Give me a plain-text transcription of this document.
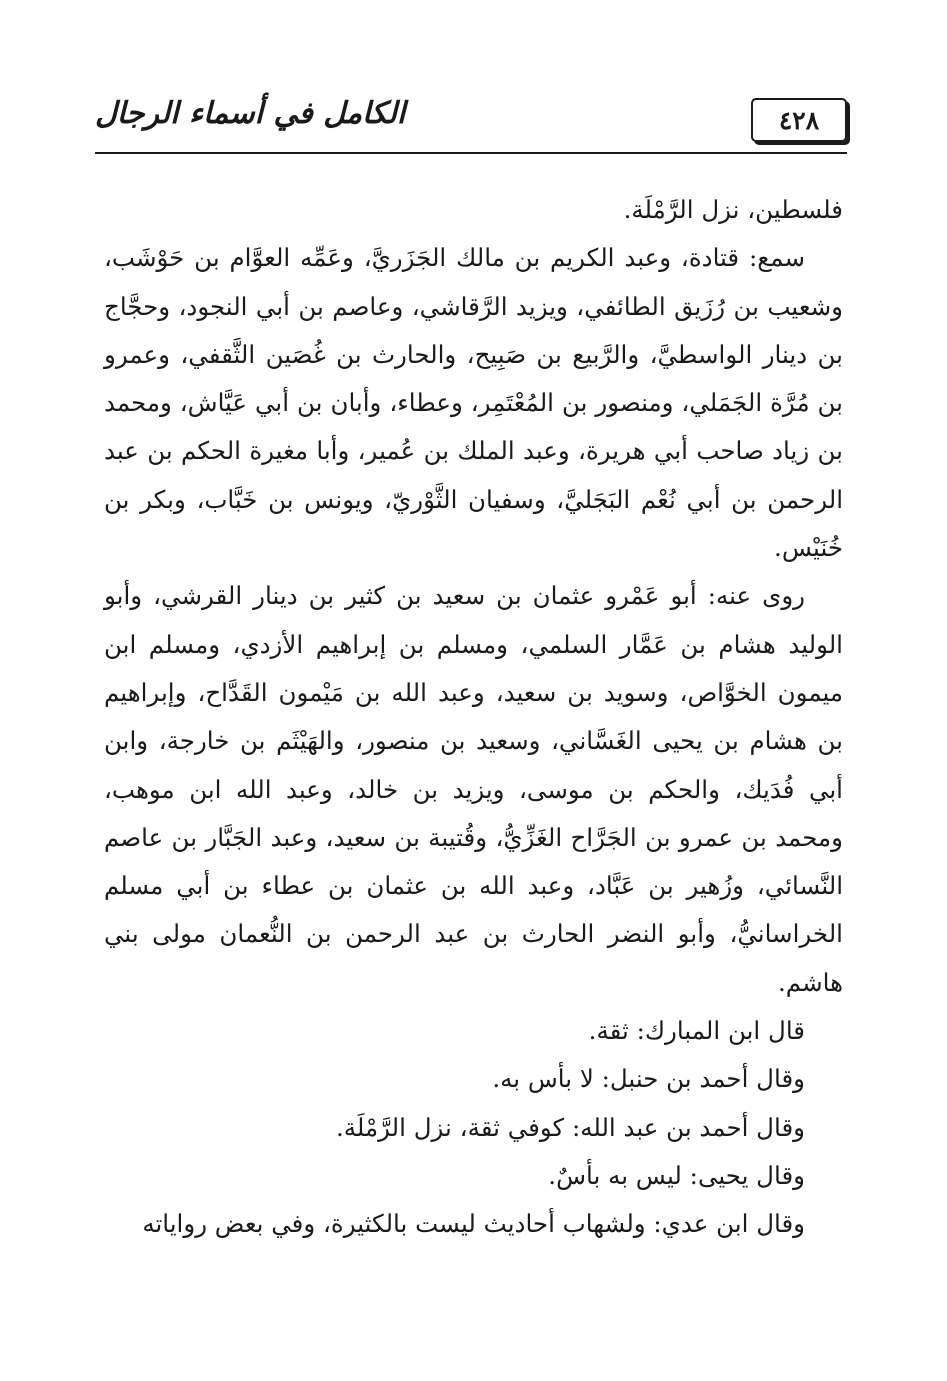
٤٢٨
الكامل في أسماء الرجال

فلسطين، نزل الرَّمْلَة.

سمع: قتادة، وعبد الكريم بن مالك الجَزَريَّ، وعَمِّه العوَّام بن حَوْشَب، وشعيب بن رُزَيق الطائفي، ويزيد الرَّقاشي، وعاصم بن أبي النجود، وحجَّاج بن دينار الواسطيَّ، والرَّبيع بن صَبِيح، والحارث بن غُصَين الثَّقفي، وعمرو بن مُرَّة الجَمَلي، ومنصور بن المُعْتَمِر، وعطاء، وأبان بن أبي عَيَّاش، ومحمد بن زياد صاحب أبي هريرة، وعبد الملك بن عُمير، وأبا مغيرة الحكم بن عبد الرحمن بن أبي نُعْم البَجَليَّ، وسفيان الثَّوْريّ، ويونس بن خَبَّاب، وبكر بن خُنَيْس.

روى عنه: أبو عَمْرو عثمان بن سعيد بن كثير بن دينار القرشي، وأبو الوليد هشام بن عَمَّار السلمي، ومسلم بن إبراهيم الأزدي، ومسلم ابن ميمون الخوَّاص، وسويد بن سعيد، وعبد الله بن مَيْمون القَدَّاح، وإبراهيم بن هشام بن يحيى الغَسَّاني، وسعيد بن منصور، والهَيْثَم بن خارجة، وابن أبي فُدَيك، والحكم بن موسى، ويزيد بن خالد، وعبد الله ابن موهب، ومحمد بن عمرو بن الجَرَّاح الغَزِّيُّ، وقُتيبة بن سعيد، وعبد الجَبَّار بن عاصم النَّسائي، وزُهير بن عَبَّاد، وعبد الله بن عثمان بن عطاء بن أبي مسلم الخراسانيُّ، وأبو النضر الحارث بن عبد الرحمن بن النُّعمان مولى بني هاشم.

قال ابن المبارك: ثقة.

وقال أحمد بن حنبل: لا بأس به.

وقال أحمد بن عبد الله: كوفي ثقة، نزل الرَّمْلَة.

وقال يحيى: ليس به بأسٌ.

وقال ابن عدي: ولشهاب أحاديث ليست بالكثيرة، وفي بعض رواياته
